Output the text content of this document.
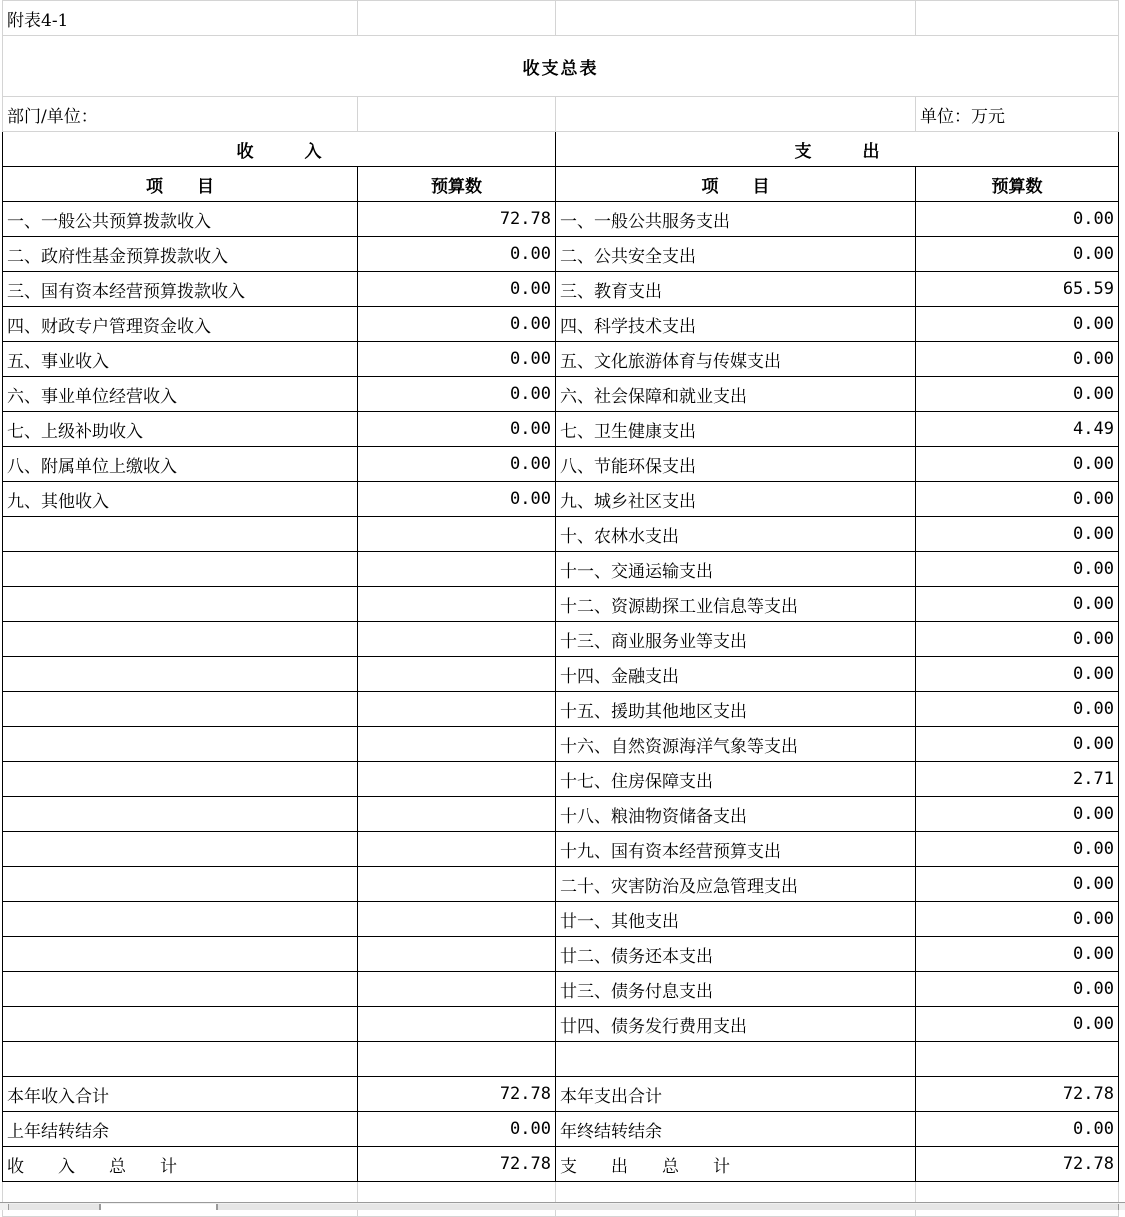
附表4-1			
收支总表			
部门/单位：			单位：万元
收　　　入		支　　　出	
项　　目	预算数	项　　目	预算数
一、一般公共预算拨款收入	72.78	一、一般公共服务支出	0.00
二、政府性基金预算拨款收入	0.00	二、公共安全支出	0.00
三、国有资本经营预算拨款收入	0.00	三、教育支出	65.59
四、财政专户管理资金收入	0.00	四、科学技术支出	0.00
五、事业收入	0.00	五、文化旅游体育与传媒支出	0.00
六、事业单位经营收入	0.00	六、社会保障和就业支出	0.00
七、上级补助收入	0.00	七、卫生健康支出	4.49
八、附属单位上缴收入	0.00	八、节能环保支出	0.00
九、其他收入	0.00	九、城乡社区支出	0.00
		十、农林水支出	0.00
		十一、交通运输支出	0.00
		十二、资源勘探工业信息等支出	0.00
		十三、商业服务业等支出	0.00
		十四、金融支出	0.00
		十五、援助其他地区支出	0.00
		十六、自然资源海洋气象等支出	0.00
		十七、住房保障支出	2.71
		十八、粮油物资储备支出	0.00
		十九、国有资本经营预算支出	0.00
		二十、灾害防治及应急管理支出	0.00
		廿一、其他支出	0.00
		廿二、债务还本支出	0.00
		廿三、债务付息支出	0.00
		廿四、债务发行费用支出	0.00

本年收入合计	72.78	本年支出合计	72.78
上年结转结余	0.00	年终结转结余	0.00
收　　入　　总　　计	72.78	支　　出　　总　　计	72.78
